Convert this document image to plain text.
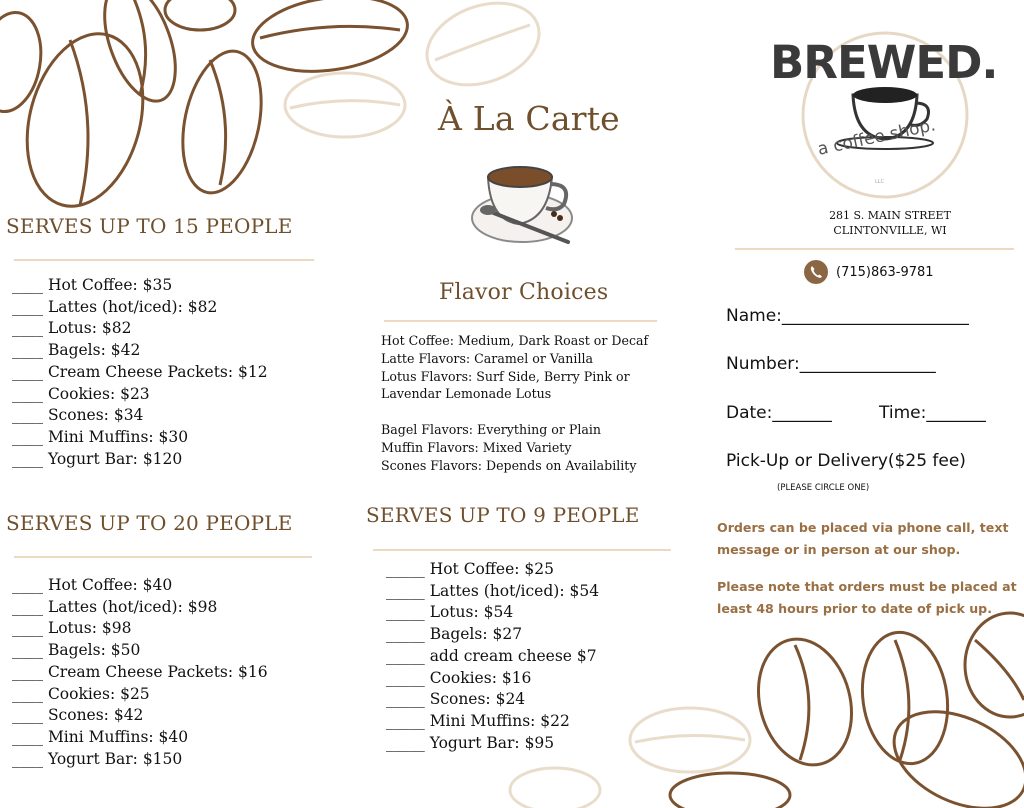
SERVES UP TO 15 PEOPLE
____ Hot Coffee: $35
____ Lattes (hot/iced): $82
____ Lotus: $82
____ Bagels: $42
____ Cream Cheese Packets: $12
____ Cookies: $23
____ Scones: $34
____ Mini Muffins: $30
____ Yogurt Bar: $120
SERVES UP TO 20 PEOPLE
____ Hot Coffee: $40
____ Lattes (hot/iced): $98
____ Lotus: $98
____ Bagels: $50
____ Cream Cheese Packets: $16
____ Cookies: $25
____ Scones: $42
____ Mini Muffins: $40
____ Yogurt Bar: $150
À La Carte
Flavor Choices
Hot Coffee: Medium, Dark Roast or Decaf
Latte Flavors: Caramel or Vanilla
Lotus Flavors: Surf Side, Berry Pink or
Lavendar Lemonade Lotus
Bagel Flavors: Everything or Plain
Muffin Flavors: Mixed Variety
Scones Flavors: Depends on Availability
SERVES UP TO 9 PEOPLE
_____ Hot Coffee: $25
_____ Lattes (hot/iced): $54
_____ Lotus: $54
_____ Bagels: $27
_____ add cream cheese $7
_____ Cookies: $16
_____ Scones: $24
_____ Mini Muffins: $22
_____ Yogurt Bar: $95
BREWED.
a coffee shop.
LLC
281 S. MAIN STREET
CLINTONVILLE, WI
(715)863-9781
Name:______________________
Number:________________
Date:_______	Time:_______
Pick-Up or Delivery($25 fee)
(PLEASE CIRCLE ONE)
Orders can be placed via phone call, text message or in person at our shop.
Please note that orders must be placed at least 48 hours prior to date of pick up.
